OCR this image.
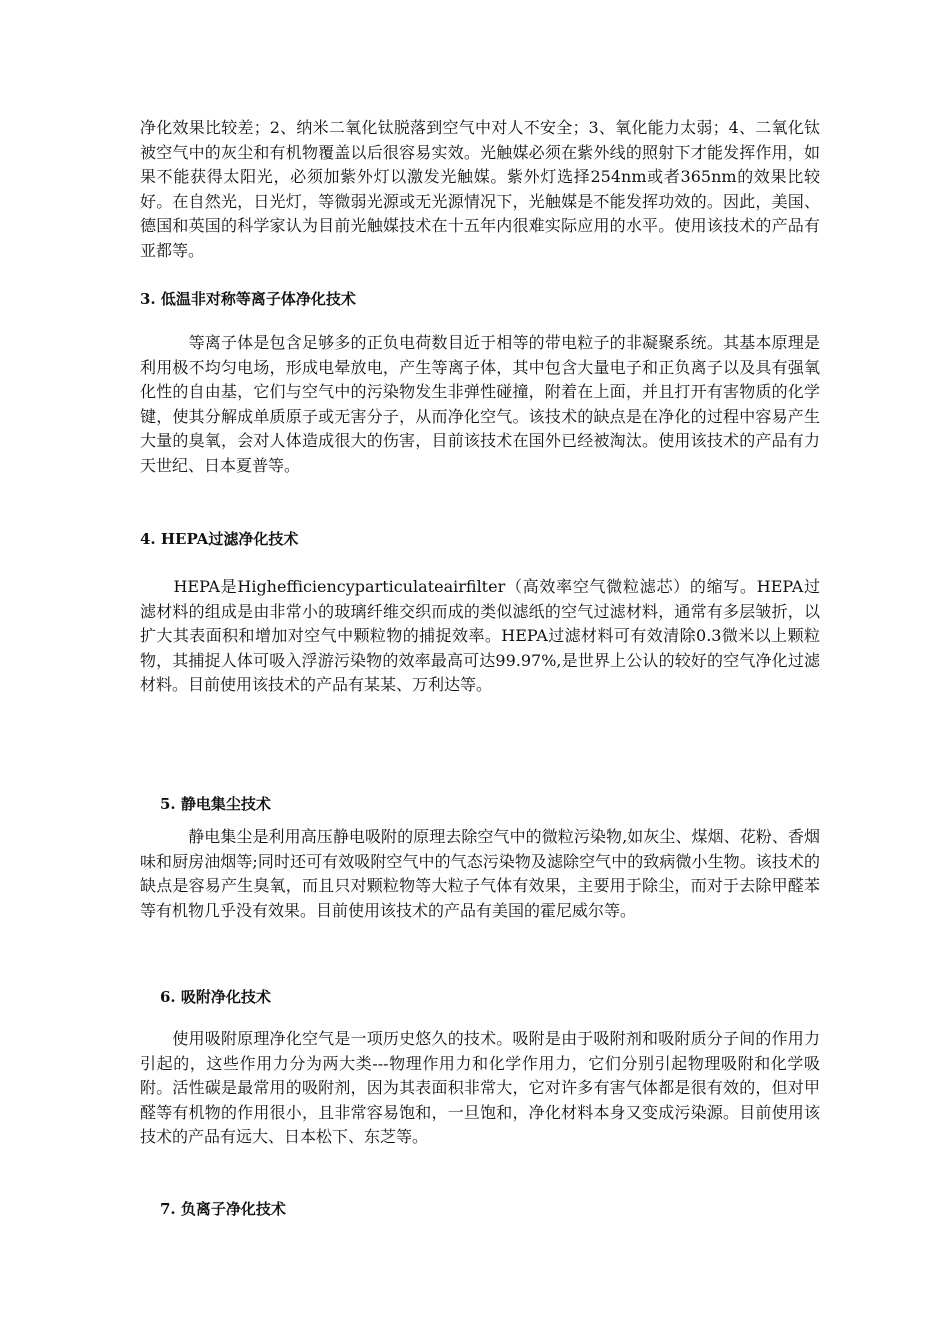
净化效果比较差；2、纳米二氧化钛脱落到空气中对人不安全；3、氧化能力太弱；4、二氧化钛被空气中的灰尘和有机物覆盖以后很容易实效。光触媒必须在紫外线的照射下才能发挥作用，如果不能获得太阳光，必须加紫外灯以激发光触媒。紫外灯选择254nm或者365nm的效果比较好。在自然光，日光灯，等微弱光源或无光源情况下，光触媒是不能发挥功效的。因此，美国、德国和英国的科学家认为目前光触媒技术在十五年内很难实际应用的水平。使用该技术的产品有亚都等。

3. 低温非对称等离子体净化技术

　　　等离子体是包含足够多的正负电荷数目近于相等的带电粒子的非凝聚系统。其基本原理是利用极不均匀电场，形成电晕放电，产生等离子体，其中包含大量电子和正负离子以及具有强氧化性的自由基，它们与空气中的污染物发生非弹性碰撞，附着在上面，并且打开有害物质的化学键，使其分解成单质原子或无害分子，从而净化空气。该技术的缺点是在净化的过程中容易产生大量的臭氧，会对人体造成很大的伤害，目前该技术在国外已经被淘汰。使用该技术的产品有力天世纪、日本夏普等。

4. HEPA过滤净化技术

　　HEPA是Highefficiencyparticulateairfilter（高效率空气微粒滤芯）的缩写。HEPA过滤材料的组成是由非常小的玻璃纤维交织而成的类似滤纸的空气过滤材料，通常有多层皱折，以扩大其表面积和增加对空气中颗粒物的捕捉效率。HEPA过滤材料可有效清除0.3微米以上颗粒物，其捕捉人体可吸入浮游污染物的效率最高可达99.97%,是世界上公认的较好的空气净化过滤材料。目前使用该技术的产品有某某、万利达等。

5. 静电集尘技术

　　　静电集尘是利用高压静电吸附的原理去除空气中的微粒污染物,如灰尘、煤烟、花粉、香烟味和厨房油烟等;同时还可有效吸附空气中的气态污染物及滤除空气中的致病微小生物。该技术的缺点是容易产生臭氧，而且只对颗粒物等大粒子气体有效果，主要用于除尘，而对于去除甲醛苯等有机物几乎没有效果。目前使用该技术的产品有美国的霍尼威尔等。

6. 吸附净化技术

　　使用吸附原理净化空气是一项历史悠久的技术。吸附是由于吸附剂和吸附质分子间的作用力引起的，这些作用力分为两大类---物理作用力和化学作用力，它们分别引起物理吸附和化学吸附。活性碳是最常用的吸附剂，因为其表面积非常大，它对许多有害气体都是很有效的，但对甲醛等有机物的作用很小，且非常容易饱和，一旦饱和，净化材料本身又变成污染源。目前使用该技术的产品有远大、日本松下、东芝等。

7. 负离子净化技术
